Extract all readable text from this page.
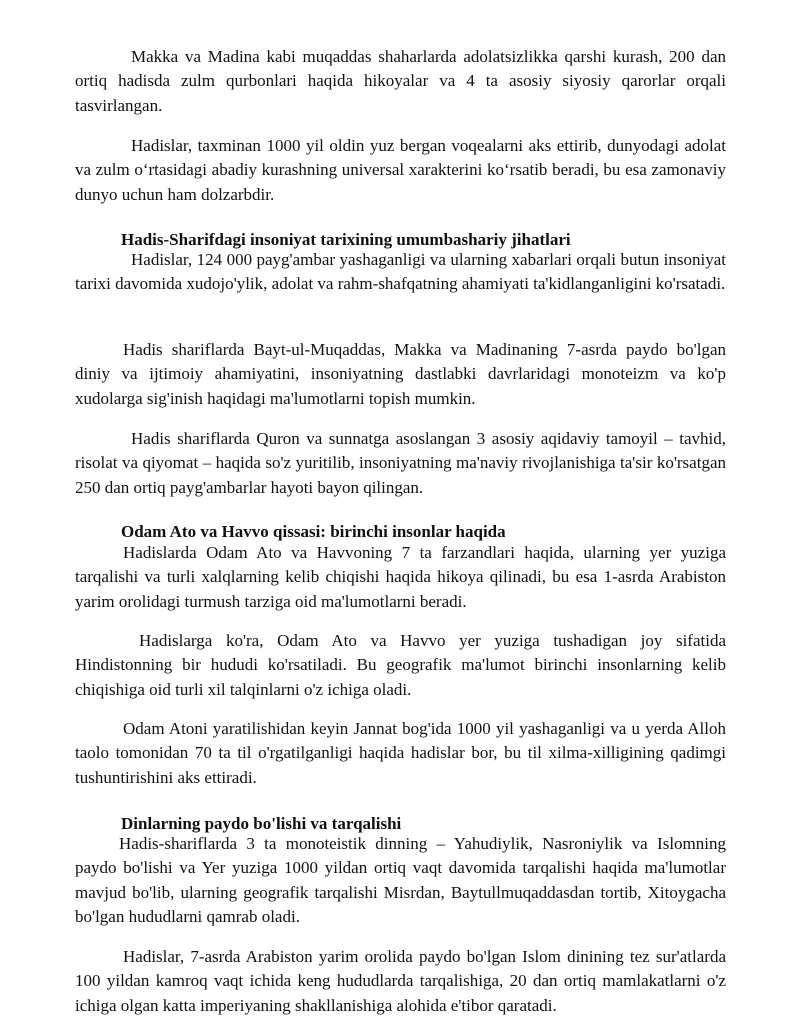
Makka va Madina kabi muqaddas shaharlarda adolatsizlikka qarshi kurash, 200 dan ortiq hadisda zulm qurbonlari haqida hikoyalar va 4 ta asosiy siyosiy qarorlar orqali tasvirlangan.

Hadislar, taxminan 1000 yil oldin yuz bergan voqealarni aks ettirib, dunyodagi adolat va zulm oʻrtasidagi abadiy kurashning universal xarakterini koʻrsatib beradi, bu esa zamonaviy dunyo uchun ham dolzarbdir.

Hadis-Sharifdagi insoniyat tarixining umumbashariy jihatlari

Hadislar, 124 000 payg'ambar yashaganligi va ularning xabarlari orqali butun insoniyat tarixi davomida xudojo'ylik, adolat va rahm-shafqatning ahamiyati ta'kidlanganligini ko'rsatadi.

Hadis shariflarda Bayt-ul-Muqaddas, Makka va Madinaning 7-asrda paydo bo'lgan diniy va ijtimoiy ahamiyatini, insoniyatning dastlabki davrlaridagi monoteizm va ko'p xudolarga sig'inish haqidagi ma'lumotlarni topish mumkin.

Hadis shariflarda Quron va sunnatga asoslangan 3 asosiy aqidaviy tamoyil – tavhid, risolat va qiyomat – haqida so'z yuritilib, insoniyatning ma'naviy rivojlanishiga ta'sir ko'rsatgan 250 dan ortiq payg'ambarlar hayoti bayon qilingan.

Odam Ato va Havvo qissasi: birinchi insonlar haqida

Hadislarda Odam Ato va Havvoning 7 ta farzandlari haqida, ularning yer yuziga tarqalishi va turli xalqlarning kelib chiqishi haqida hikoya qilinadi, bu esa 1-asrda Arabiston yarim orolidagi turmush tarziga oid ma'lumotlarni beradi.

Hadislarga ko'ra, Odam Ato va Havvo yer yuziga tushadigan joy sifatida Hindistonning bir hududi ko'rsatiladi. Bu geografik ma'lumot birinchi insonlarning kelib chiqishiga oid turli xil talqinlarni o'z ichiga oladi.

Odam Atoni yaratilishidan keyin Jannat bog'ida 1000 yil yashaganligi va u yerda Alloh taolo tomonidan 70 ta til o'rgatilganligi haqida hadislar bor, bu til xilma-xilligining qadimgi tushuntirishini aks ettiradi.

Dinlarning paydo bo'lishi va tarqalishi

Hadis-shariflarda 3 ta monoteistik dinning – Yahudiylik, Nasroniylik va Islomning paydo bo'lishi va Yer yuziga 1000 yildan ortiq vaqt davomida tarqalishi haqida ma'lumotlar mavjud bo'lib, ularning geografik tarqalishi Misrdan, Baytullmuqaddasdan tortib, Xitoygacha bo'lgan hududlarni qamrab oladi.

Hadislar, 7-asrda Arabiston yarim orolida paydo bo'lgan Islom dinining tez sur'atlarda 100 yildan kamroq vaqt ichida keng hududlarda tarqalishiga, 20 dan ortiq mamlakatlarni o'z ichiga olgan katta imperiyaning shakllanishiga alohida e'tibor qaratadi.
